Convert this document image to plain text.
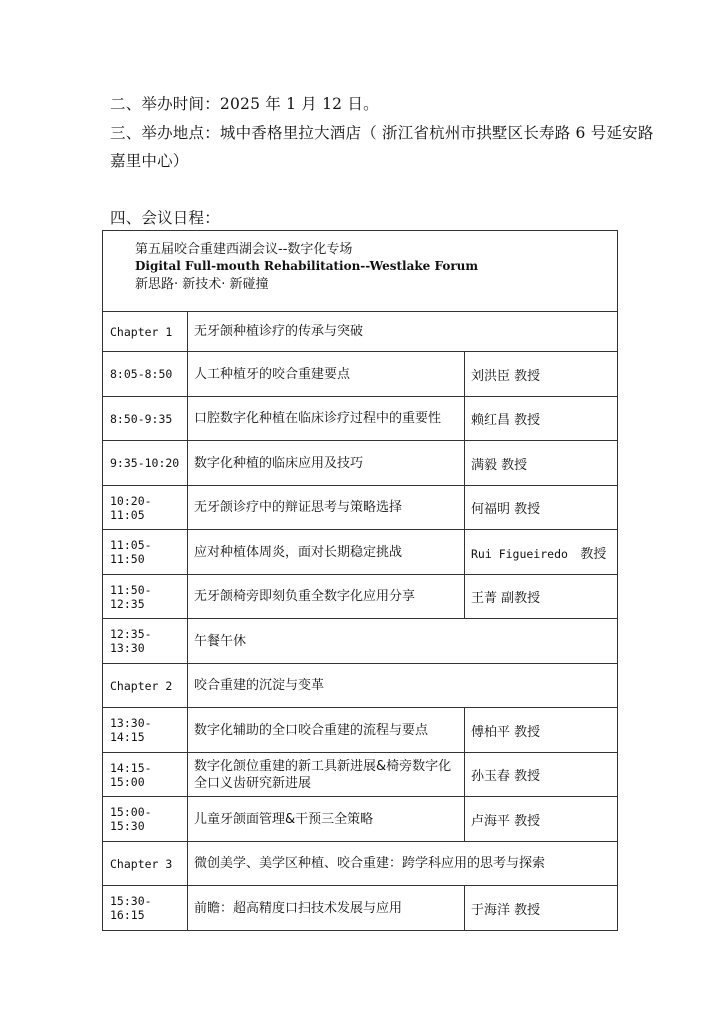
二、举办时间：2025 年 1 月 12 日。
三、举办地点：城中香格里拉大酒店（ 浙江省杭州市拱墅区长寿路 6 号延安路
嘉里中心）
四、会议日程：
第五届咬合重建西湖会议--数字化专场
Digital Full-mouth Rehabilitation--Westlake Forum
新思路· 新技术· 新碰撞		

Chapter 1	无牙颌种植诊疗的传承与突破	
8:05-8:50	人工种植牙的咬合重建要点	刘洪臣 教授
8:50-9:35	口腔数字化种植在临床诊疗过程中的重要性	赖红昌 教授
9:35-10:20	数字化种植的临床应用及技巧	满毅 教授
10:20-11:05	无牙颌诊疗中的辩证思考与策略选择	何福明 教授
11:05-11:50	应对种植体周炎，面对长期稳定挑战	Rui Figueiredo 教授
11:50-12:35	无牙颌椅旁即刻负重全数字化应用分享	王菁 副教授
12:35-13:30	午餐午休	
Chapter 2	咬合重建的沉淀与变革	
13:30-14:15	数字化辅助的全口咬合重建的流程与要点	傅柏平 教授
14:15-15:00	数字化颌位重建的新工具新进展&椅旁数字化全口义齿研究新进展	孙玉春 教授
15:00-15:30	儿童牙颌面管理&干预三全策略	卢海平 教授
Chapter 3	微创美学、美学区种植、咬合重建：跨学科应用的思考与探索	
15:30-16:15	前瞻：超高精度口扫技术发展与应用	于海洋 教授
